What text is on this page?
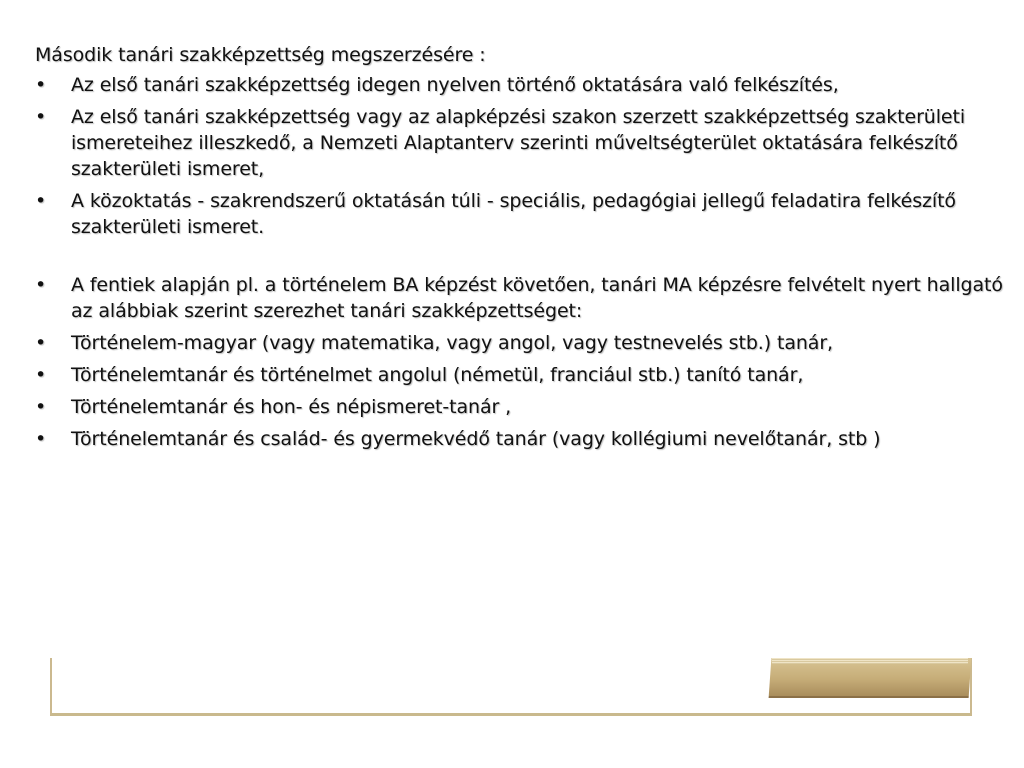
Második tanári szakképzettség megszerzésére :
•	Az első tanári szakképzettség idegen nyelven történő oktatására való felkészítés,
•	Az első tanári szakképzettség vagy az alapképzési szakon szerzett szakképzettség szakterületi ismereteihez illeszkedő, a Nemzeti Alaptanterv szerinti műveltségterület oktatására felkészítő szakterületi ismeret,
•	A közoktatás - szakrendszerű oktatásán túli - speciális, pedagógiai jellegű feladatira felkészítő szakterületi ismeret.
•	A fentiek alapján pl. a történelem BA képzést követően, tanári MA képzésre felvételt nyert hallgató az alábbiak szerint szerezhet tanári szakképzettséget:
•	Történelem-magyar (vagy matematika, vagy angol, vagy testnevelés stb.) tanár,
•	Történelemtanár és történelmet angolul (németül, franciául stb.) tanító tanár,
•	Történelemtanár és hon- és népismeret-tanár ,
•	Történelemtanár és család- és gyermekvédő tanár (vagy kollégiumi nevelőtanár, stb )
